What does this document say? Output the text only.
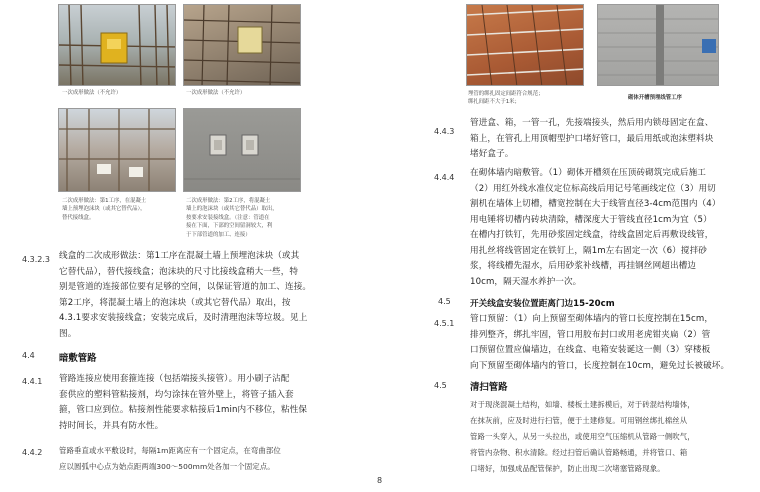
一次成形做法（不允许）	一次成形做法（不允许）
二次成形做法：第1工序，在混凝土
墙上预埋泡沫块（或其它替代品），
替代接线盒。
二次成形做法：第2工序，将混凝土
墙上的泡沫块（或其它替代品）取出，
按要求安装接线盒。（注意：管道在
接在下面，下部的空间留洞较大，利
于下部管道的加工、连接）
4.3.2.3 线盒的二次成形做法：第1工序在混凝土墙上预埋泡沫块（或其
它替代品），替代接线盒；泡沫块的尺寸比接线盒稍大一些，特
别是管道的连接部位要有足够的空间，以保证管道的加工、连接。
第2工序，将混凝土墙上的泡沫块（或其它替代品）取出，按
4.3.1要求安装接线盒；安装完成后，及时清理泡沫等垃圾。见上
图。
4.4	暗敷管路
4.4.1 管路连接应使用套箍连接（包括端接头接管）。用小刷子沾配
套供应的塑料管粘接剂，均匀涂抹在管外壁上，将管子插入套
箍，管口应到位。粘接剂性能要求粘接后1min内不移位，粘性保
持时间长，并具有防水性。
4.4.2 管路垂直或水平敷设时，每隔1m距离应有一个固定点，在弯曲部位
应以圆弧中心点为始点距两端300～500mm处各加一个固定点。
8
埋管的绑扎固定间距符合规范；
绑扎间距不大于1米；
砌体开槽预埋线管工序
4.4.3
管进盒、箱，一管一孔，先接端接头，然后用内锁母固定在盒、
箱上，在管孔上用顶帽型护口堵好管口，最后用纸或泡沫塑料块
堵好盒子。
4.4.4 在砌体墙内暗敷管。（1）砌体开槽须在压顶砖砌筑完成后施工
（2）用红外线水准仪定位标高线后用记号笔画线定位（3）用切
割机在墙体上切槽，槽宽控制在大于线管直径3-4cm范围内（4）
用电锤将切槽内砖块清除，槽深度大于管线直径1cm为宜（5）
在槽内打铁钉，先用砂浆固定线盒，待线盒固定后再敷设线管，
用扎丝将线管固定在铁钉上，隔1m左右固定一次（6）搅拌砂
浆，将线槽先湿水，后用砂浆补线槽，再挂钢丝网超出槽边
10cm，隔天湿水养护一次。
4.5 开关线盒安装位置距离门边15-20cm
4.5.1 管口预留：（1）向上预留至砌体墙内的管口长度控制在15cm，
排列整齐，绑扎牢固，管口用胶布封口或用老虎钳夹扁（2）管
口预留位置应偏墙边，在线盒、电箱安装诞这一侧（3）穿楼板
向下预留至砌体墙内的管口，长度控制在10cm，避免过长被破坏。
4.5 清扫管路
对于现浇混凝土结构，如墙、楼板土建拆模后，对于砖混结构墙体，
在抹灰前，应及时进行扫管，便于土建修复。可用钢丝绑扎棉丝从
管路一头穿入，从另一头拉出，或使用空气压缩机从管路一侧吹气，
将管内杂物、积水清除。经过扫管后确认管路畅通，并将管口、箱
口堵好，加强成品配管保护，防止出现二次堵塞管路现象。
